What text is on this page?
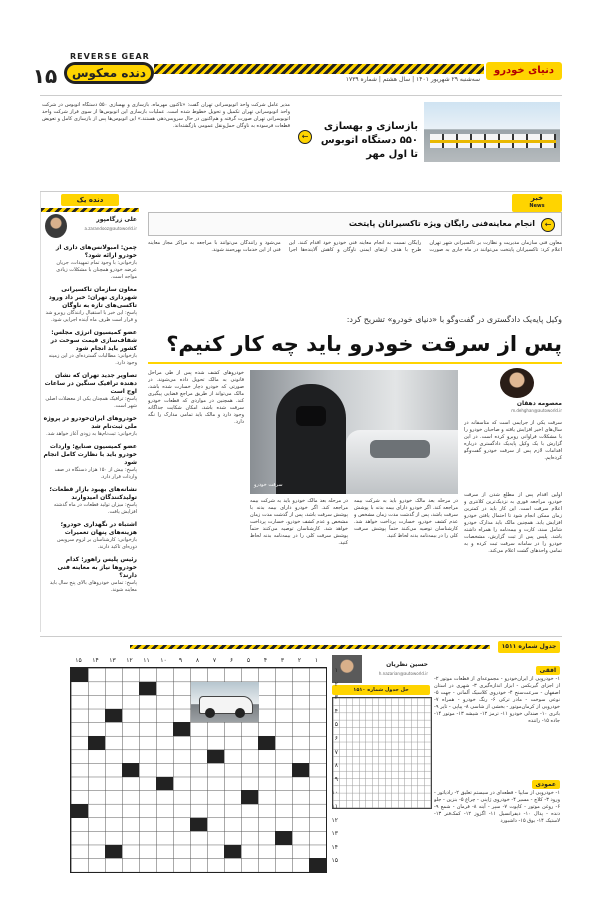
۱۵
REVERSE GEAR
دنده معکوس	سه‌شنبه ۲۹ شهریور ۱۴۰۱ | سال هشتم | شماره ۱۷۳۹
دنیای خودرو
بازسازی و بهسازی ۵۵۰ دستگاه اتوبوس تا اول مهر
←
مدیر عامل شرکت واحد اتوبوسرانی تهران گفت: «تاکنون مهرماه، بازسازی و بهسازی ۵۵۰ دستگاه اتوبوس در شرکت واحد اتوبوسرانی تهران تکمیل و تحویل خطوط شده است. عملیات بازسازی این اتوبوس‌ها از سوی فراز شرکت واحد اتوبوسرانی تهران صورت گرفته و هم‌اکنون در حال سرویس‌دهی هستند.» این اتوبوس‌ها پس از بازسازی کامل و تعویض قطعات فرسوده به ناوگان حمل‌ونقل عمومی بازگشته‌اند.
خبر
News
←
انجام معاینه‌فنی رایگان ویژه تاکسیرانان پایتخت
معاون فنی سازمان مدیریت و نظارت بر تاکسیرانی شهر تهران اعلام کرد: تاکسیرانان پایتخت می‌توانند در ماه جاری به صورت رایگان نسبت به انجام معاینه فنی خودرو خود اقدام کنند. این طرح با هدف ارتقای ایمنی ناوگان و کاهش آلاینده‌ها اجرا می‌شود و رانندگان می‌توانند با مراجعه به مراکز مجاز معاینه فنی از این خدمات بهره‌مند شوند.
دنده یک
علی زرگامپور
a.zarandooz@autoworld.ir
چمن: آمبولانس‌های داری از خودرو ارائه شود؟
بازخوانی: با وجود تمام تمهیدات، جریان عرضه خودرو همچنان با مشکلات زیادی مواجه است.
معاون سازمان تاکسیرانی شهرداری تهران: خبر داد ورود تاکسی‌های تازه به ناوگان
پاسخ: این خبر با استقبال رانندگان روبرو شد و قرار است ظرف ماه آینده اجرایی شود.
عضو کمیسیون انرژی مجلس: شفاف‌سازی قیمت سوخت در کشور باید انجام شود
بازخوانی: مطالبات گسترده‌ای در این زمینه وجود دارد.
تصاویر جدید تهران که نشان دهنده ترافیک سنگین در ساعات اوج است
پاسخ: ترافیک همچنان یکی از معضلات اصلی شهر است.
خودروهای ایران‌خودرو در پروژه ملی ثبت‌نام شد
بازخوانی: ثبت‌نام‌ها به زودی آغاز خواهد شد.
عضو کمیسیون صنایع: واردات خودرو باید با نظارت کامل انجام شود
پاسخ: بیش از ۱۵۰ هزار دستگاه در صف واردات قرار دارد.
نشانه‌های بهبود بازار قطعات؛ تولیدکنندگان امیدوارند
پاسخ: میزان تولید قطعات در ماه گذشته افزایش یافت.
اشتباه در نگهداری خودرو؛ هزینه‌های پنهان تعمیرات
بازخوانی: کارشناسان بر لزوم سرویس دوره‌ای تاکید دارند.
رئیس پلیس راهور: کدام خودروها نیاز به معاینه فنی دارند؟
پاسخ: تمامی خودروهای بالای پنج سال باید معاینه شوند.
وکیل پایه‌یک دادگستری در گفت‌وگو با «دنیای خودرو» تشریح کرد:
پس از سرقت خودرو باید چه کار کنیم؟
معصومه دهقان
m.dehghan@autoworld.ir
سرقت یکی از جرایمی است که متاسفانه در سال‌های اخیر افزایش یافته و صاحبان خودرو را با مشکلات فراوانی روبرو کرده است. در این گزارش با یک وکیل پایه‌یک دادگستری درباره اقدامات لازم پس از سرقت خودرو گفت‌وگو کرده‌ایم.
اولین اقدام پس از مطلع شدن از سرقت خودرو، مراجعه فوری به نزدیک‌ترین کلانتری و اعلام سرقت است. این کار باید در کمترین زمان ممکن انجام شود تا احتمال یافتن خودرو افزایش یابد. همچنین مالک باید مدارک خودرو شامل سند، کارت و بیمه‌نامه را همراه داشته باشد. پلیس پس از ثبت گزارش، مشخصات خودرو را در سامانه سرقت ثبت کرده و به تمامی واحدهای گشت اعلام می‌کند.
سرقت خودرو
در مرحله بعد مالک خودرو باید به شرکت بیمه مراجعه کند. اگر خودرو دارای بیمه بدنه با پوشش سرقت باشد، پس از گذشت مدت زمان مشخص و عدم کشف خودرو، خسارت پرداخت خواهد شد. کارشناسان توصیه می‌کنند حتماً پوشش سرقت کلی را در بیمه‌نامه بدنه لحاظ کنید.
خودروهای کشف شده پس از طی مراحل قانونی به مالک تحویل داده می‌شوند. در صورتی که خودرو دچار خسارت شده باشد، مالک می‌تواند از طریق مراجع قضایی پیگیری کند. همچنین در مواردی که قطعات خودرو سرقت شده باشد، امکان شکایت جداگانه وجود دارد و مالک باید تمامی مدارک را نگه دارد.
در مرحله بعد مالک خودرو باید به شرکت بیمه مراجعه کند. اگر خودرو دارای بیمه بدنه با پوشش سرقت باشد، پس از گذشت مدت زمان مشخص و عدم کشف خودرو، خسارت پرداخت خواهد شد. کارشناسان توصیه می‌کنند حتماً پوشش سرقت کلی را در بیمه‌نامه بدنه لحاظ کنید.
جدول شماره ۱۵۱۱
افقی
۱- خودرویی از ایران‌خودرو - مجموعه‌ای از قطعات موتور ۲- از اجزای گیربکس - ابزار اندازه‌گیری ۳- شهری در استان اصفهان - سرعت‌سنج ۴- خودروی کلاسیک آلمانی - جهت ۵- نوعی سوخت - مادر ترکی ۶- رنگ خودرو - همراه ۷- خودرویی از کرمان‌موتور - بخشی از شاسی ۸- پیاپی - تایر ۹- باتری ۱۰- صندلی خودرو ۱۱- ترمز ۱۲- شیشه ۱۳- موتور ۱۴- جاده ۱۵- راننده
عمودی
۱- خودرویی از سایپا - قطعه‌ای در سیستم تعلیق ۲- رادیاتور - ورود ۳- کلاچ - مسیر ۴- خودروی ژاپنی - چراغ ۵- بنزین - جلو ۶- روغن موتور - کاپوت ۷- سپر - آینه ۸- فرمان - شمع ۹- دنده - پدال ۱۰- دیفرانسیل ۱۱- اگزوز ۱۲- کمک‌فنر ۱۳- لاستیک ۱۴- بوق ۱۵- داشبورد
حسین نظریان
h.nazarian@autoworld.ir
حل جدول شماره ۱۵۱۰
۱
۲
۳
۴
۵
۶
۷
۸
۹
۱۰
۱۱
۱۲
۱۳
۱۴
۱۵
۱
۲
۳
۴
۵
۶
۷
۸
۹
۱۰
۱۱
۱۲
۱۳
۱۴
۱۵
